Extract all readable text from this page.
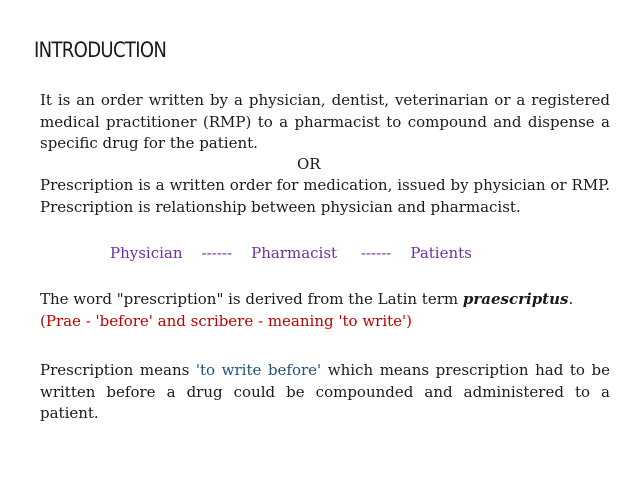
INTRODUCTION
It is an order written by a physician, dentist, veterinarian or a registered medical practitioner (RMP) to a pharmacist to compound and dispense a specific drug for the patient.
OR
Prescription is a written order for medication, issued by physician or RMP. Prescription is relationship between physician and pharmacist.
Physician ------ Pharmacist ------ Patients
The word "prescription" is derived from the Latin term praescriptus.
(Prae - 'before' and scribere - meaning 'to write')
Prescription means 'to write before' which means prescription had to be written before a drug could be compounded and administered to a patient.
